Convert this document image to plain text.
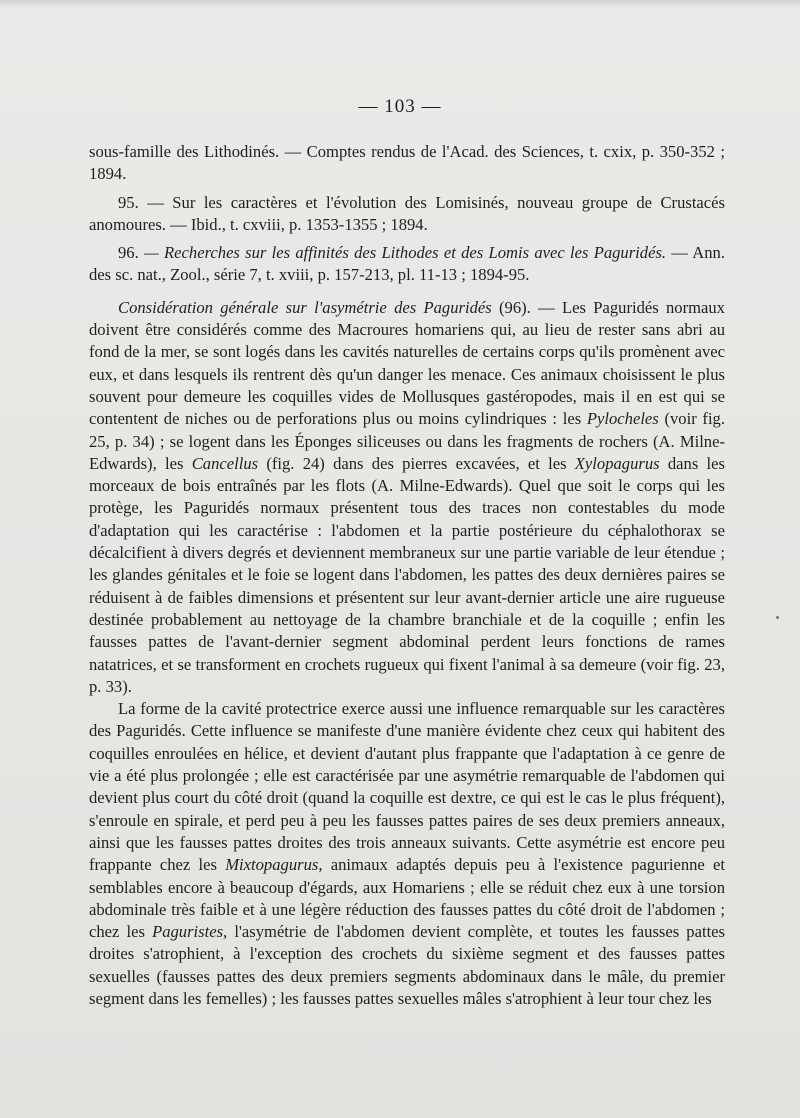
— 103 —

sous-famille des Lithodinés. — Comptes rendus de l'Acad. des Sciences, t. cxix, p. 350-352 ; 1894.

95. — Sur les caractères et l'évolution des Lomisinés, nouveau groupe de Crustacés anomoures. — Ibid., t. cxviii, p. 1353-1355 ; 1894.

96. — Recherches sur les affinités des Lithodes et des Lomis avec les Paguridés. — Ann. des sc. nat., Zool., série 7, t. xviii, p. 157-213, pl. 11-13 ; 1894-95.

Considération générale sur l'asymétrie des Paguridés (96). — Les Paguridés normaux doivent être considérés comme des Macroures homariens qui, au lieu de rester sans abri au fond de la mer, se sont logés dans les cavités naturelles de certains corps qu'ils promènent avec eux, et dans lesquels ils rentrent dès qu'un danger les menace. Ces animaux choisissent le plus souvent pour demeure les coquilles vides de Mollusques gastéropodes, mais il en est qui se contentent de niches ou de perforations plus ou moins cylindriques : les Pylocheles (voir fig. 25, p. 34) ; se logent dans les Éponges siliceuses ou dans les fragments de rochers (A. Milne-Edwards), les Cancellus (fig. 24) dans des pierres excavées, et les Xylopagurus dans les morceaux de bois entraînés par les flots (A. Milne-Edwards). Quel que soit le corps qui les protège, les Paguridés normaux présentent tous des traces non contestables du mode d'adaptation qui les caractérise : l'abdomen et la partie postérieure du céphalothorax se décalcifient à divers degrés et deviennent membraneux sur une partie variable de leur étendue ; les glandes génitales et le foie se logent dans l'abdomen, les pattes des deux dernières paires se réduisent à de faibles dimensions et présentent sur leur avant-dernier article une aire rugueuse destinée probablement au nettoyage de la chambre branchiale et de la coquille ; enfin les fausses pattes de l'avant-dernier segment abdominal perdent leurs fonctions de rames natatrices, et se transforment en crochets rugueux qui fixent l'animal à sa demeure (voir fig. 23, p. 33).

La forme de la cavité protectrice exerce aussi une influence remarquable sur les caractères des Paguridés. Cette influence se manifeste d'une manière évidente chez ceux qui habitent des coquilles enroulées en hélice, et devient d'autant plus frappante que l'adaptation à ce genre de vie a été plus prolongée ; elle est caractérisée par une asymétrie remarquable de l'abdomen qui devient plus court du côté droit (quand la coquille est dextre, ce qui est le cas le plus fréquent), s'enroule en spirale, et perd peu à peu les fausses pattes paires de ses deux premiers anneaux, ainsi que les fausses pattes droites des trois anneaux suivants. Cette asymétrie est encore peu frappante chez les Mixtopagurus, animaux adaptés depuis peu à l'existence pagurienne et semblables encore à beaucoup d'égards, aux Homariens ; elle se réduit chez eux à une torsion abdominale très faible et à une légère réduction des fausses pattes du côté droit de l'abdomen ; chez les Paguristes, l'asymétrie de l'abdomen devient complète, et toutes les fausses pattes droites s'atrophient, à l'exception des crochets du sixième segment et des fausses pattes sexuelles (fausses pattes des deux premiers segments abdominaux dans le mâle, du premier segment dans les femelles) ; les fausses pattes sexuelles mâles s'atrophient à leur tour chez les
